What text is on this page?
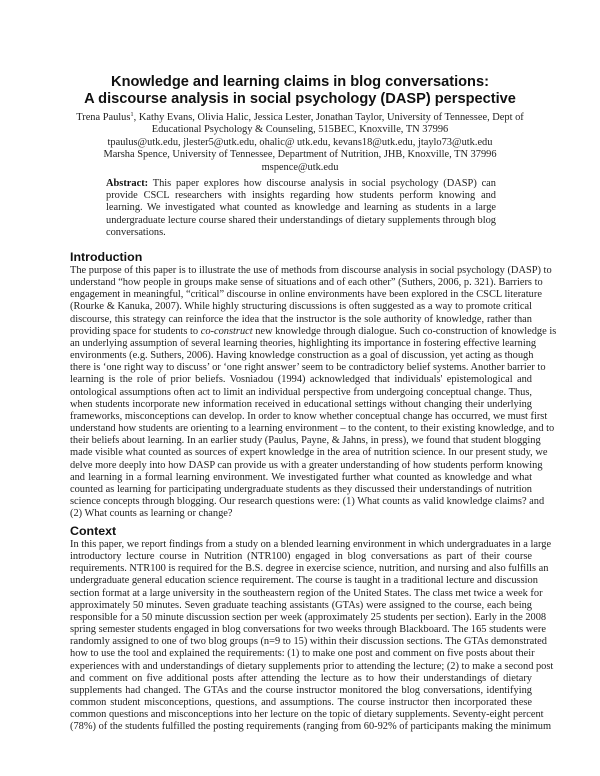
Knowledge and learning claims in blog conversations:
A discourse analysis in social psychology (DASP) perspective
Trena Paulus$^1$, Kathy Evans, Olivia Halic, Jessica Lester, Jonathan Taylor, University of Tennessee, Dept of
Educational Psychology & Counseling, 515BEC, Knoxville, TN 37996
tpaulus@utk.edu, jlester5@utk.edu, ohalic@ utk.edu, kevans18@utk.edu, jtaylo73@utk.edu
Marsha Spence, University of Tennessee, Department of Nutrition, JHB, Knoxville, TN 37996
mspence@utk.edu
Abstract: This paper explores how discourse analysis in social psychology (DASP) can provide CSCL researchers with insights regarding how students perform knowing and learning. We investigated what counted as knowledge and learning as students in a large undergraduate lecture course shared their understandings of dietary supplements through blog conversations.
Introduction
The purpose of this paper is to illustrate the use of methods from discourse analysis in social psychology (DASP) to
understand “how people in groups make sense of situations and of each other” (Suthers, 2006, p. 321). Barriers to
engagement in meaningful, “critical” discourse in online environments have been explored in the CSCL literature
(Rourke & Kanuka, 2007). While highly structuring discussions is often suggested as a way to promote critical
discourse, this strategy can reinforce the idea that the instructor is the sole authority of knowledge, rather than
providing space for students to co-construct new knowledge through dialogue. Such co-construction of knowledge is
an underlying assumption of several learning theories, highlighting its importance in fostering effective learning
environments (e.g. Suthers, 2006). Having knowledge construction as a goal of discussion, yet acting as though
there is ‘one right way to discuss’ or ‘one right answer’ seem to be contradictory belief systems. Another barrier to
learning is the role of prior beliefs. Vosniadou (1994) acknowledged that individuals' epistemological and
ontological assumptions often act to limit an individual perspective from undergoing conceptual change. Thus,
when students incorporate new information received in educational settings without changing their underlying
frameworks, misconceptions can develop. In order to know whether conceptual change has occurred, we must first
understand how students are orienting to a learning environment – to the content, to their existing knowledge, and to
their beliefs about learning. In an earlier study (Paulus, Payne, & Jahns, in press), we found that student blogging
made visible what counted as sources of expert knowledge in the area of nutrition science. In our present study, we
delve more deeply into how DASP can provide us with a greater understanding of how students perform knowing
and learning in a formal learning environment. We investigated further what counted as knowledge and what
counted as learning for participating undergraduate students as they discussed their understandings of nutrition
science concepts through blogging. Our research questions were: (1) What counts as valid knowledge claims? and
(2) What counts as learning or change?
Context
In this paper, we report findings from a study on a blended learning environment in which undergraduates in a large
introductory lecture course in Nutrition (NTR100) engaged in blog conversations as part of their course
requirements. NTR100 is required for the B.S. degree in exercise science, nutrition, and nursing and also fulfills an
undergraduate general education science requirement. The course is taught in a traditional lecture and discussion
section format at a large university in the southeastern region of the United States. The class met twice a week for
approximately 50 minutes. Seven graduate teaching assistants (GTAs) were assigned to the course, each being
responsible for a 50 minute discussion section per week (approximately 25 students per section). Early in the 2008
spring semester students engaged in blog conversations for two weeks through Blackboard. The 165 students were
randomly assigned to one of two blog groups (n=9 to 15) within their discussion sections. The GTAs demonstrated
how to use the tool and explained the requirements: (1) to make one post and comment on five posts about their
experiences with and understandings of dietary supplements prior to attending the lecture; (2) to make a second post
and comment on five additional posts after attending the lecture as to how their understandings of dietary
supplements had changed. The GTAs and the course instructor monitored the blog conversations, identifying
common student misconceptions, questions, and assumptions. The course instructor then incorporated these
common questions and misconceptions into her lecture on the topic of dietary supplements. Seventy-eight percent
(78%) of the students fulfilled the posting requirements (ranging from 60-92% of participants making the minimum
